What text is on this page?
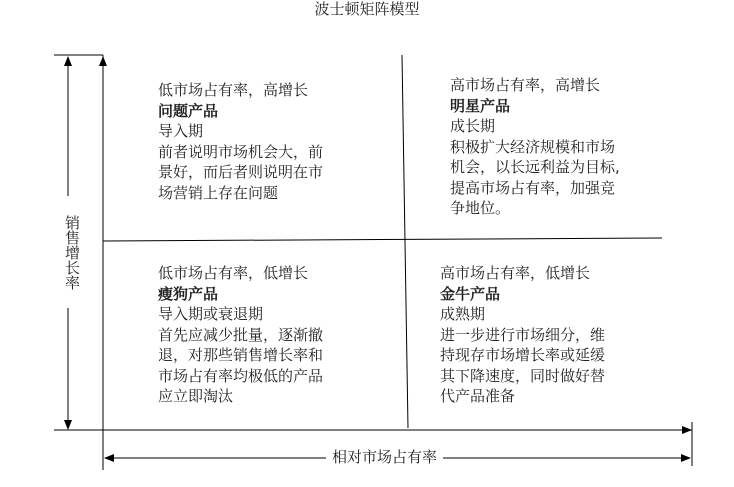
波士顿矩阵模型
销售增长率
相对市场占有率
低市场占有率，高增长
问题产品
导入期
前者说明市场机会大，前
景好，而后者则说明在市
场营销上存在问题
高市场占有率，高增长
明星产品
成长期
积极扩大经济规模和市场
机会，以长远利益为目标,
提高市场占有率，加强竞
争地位。
低市场占有率，低增长
瘦狗产品
导入期或衰退期
首先应减少批量，逐渐撤
退，对那些销售增长率和
市场占有率均极低的产品
应立即淘汰
高市场占有率，低增长
金牛产品
成熟期
进一步进行市场细分，维
持现存市场增长率或延缓
其下降速度，同时做好替
代产品准备
